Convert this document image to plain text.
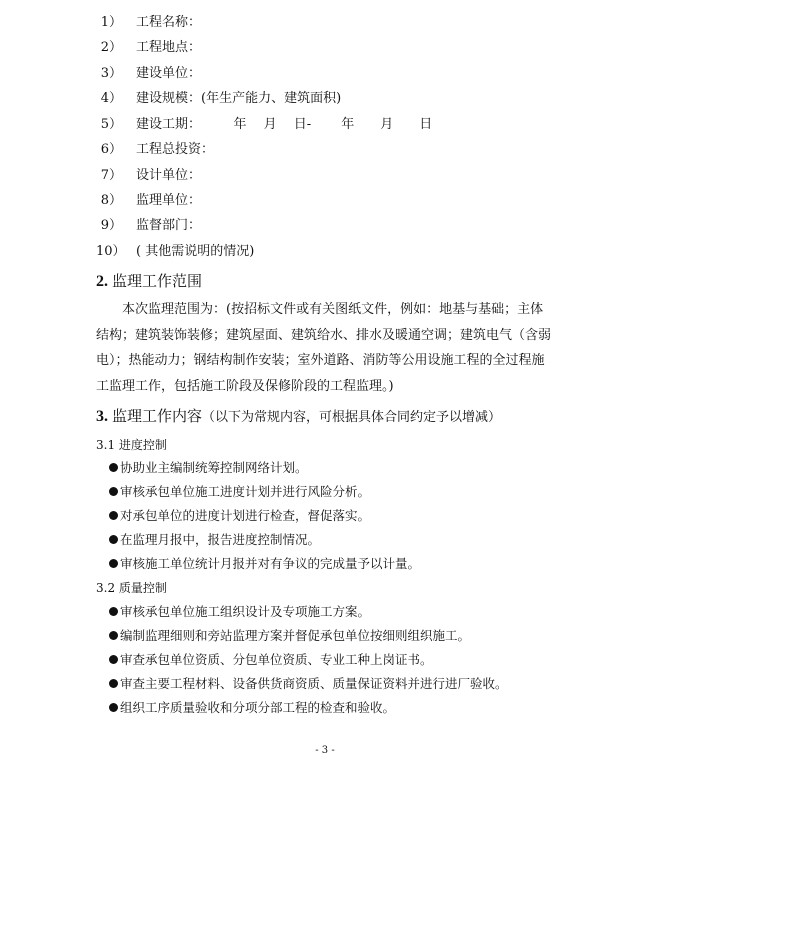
1） 工程名称：
2） 工程地点：
3） 建设单位：
4） 建设规模：(年生产能力、建筑面积)
5） 建设工期：　　　年　 月　 日-　　 年　　月　　日
6） 工程总投资：
7） 设计单位：
8） 监理单位：
9） 监督部门：
10） ( 其他需说明的情况)
2. 监理工作范围
本次监理范围为：(按招标文件或有关图纸文件，例如：地基与基础；主体结构；建筑装饰装修；建筑屋面、建筑给水、排水及暖通空调；建筑电气（含弱电）；热能动力；钢结构制作安装；室外道路、消防等公用设施工程的全过程施工监理工作，包括施工阶段及保修阶段的工程监理。)
3. 监理工作内容（以下为常规内容，可根据具体合同约定予以增减）
3.1 进度控制
协助业主编制统筹控制网络计划。
审核承包单位施工进度计划并进行风险分析。
对承包单位的进度计划进行检查，督促落实。
在监理月报中，报告进度控制情况。
审核施工单位统计月报并对有争议的完成量予以计量。
3.2 质量控制
审核承包单位施工组织设计及专项施工方案。
编制监理细则和旁站监理方案并督促承包单位按细则组织施工。
审查承包单位资质、分包单位资质、专业工种上岗证书。
审查主要工程材料、设备供货商资质、质量保证资料并进行进厂验收。
组织工序质量验收和分项分部工程的检查和验收。
- 3 -
